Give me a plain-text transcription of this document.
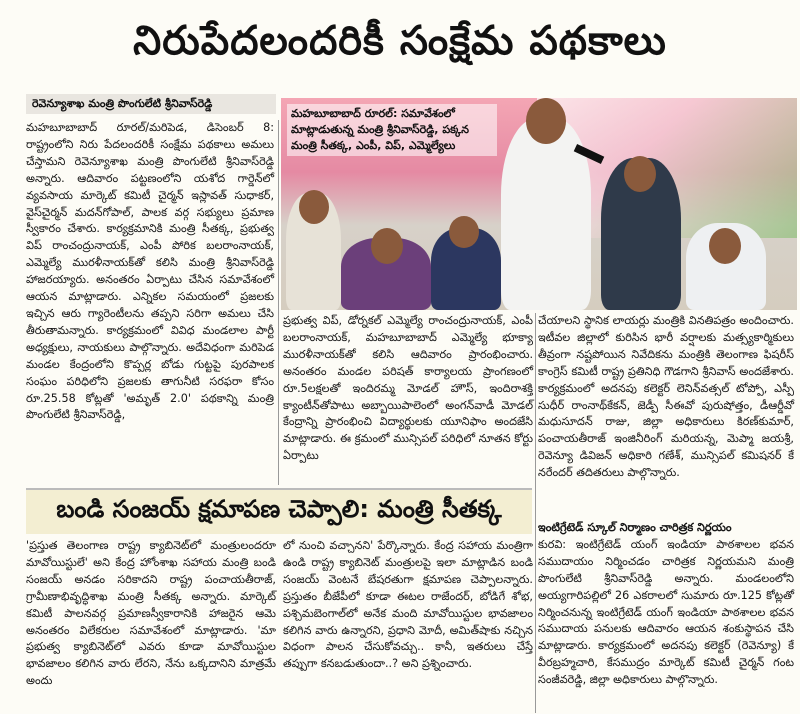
నిరుపేదలందరికీ సంక్షేమ పథకాలు
రెవెన్యూశాఖ మంత్రి పొంగులేటి శ్రీనివాస్‌రెడ్డి
మహబూబాబాద్ రూరల్: సమావేశంలో మాట్లాడుతున్న మంత్రి శ్రీనివాస్‌రెడ్డి, పక్కన మంత్రి సీతక్క, ఎంపీ, విప్, ఎమ్మెల్యేలు
మహబూబాబాద్ రూరల్/మరిపెడ, డిసెంబర్ 8: రాష్ట్రంలోని నిరు పేదలందరికీ సంక్షేమ పథకాలు అమలు చేస్తామని రెవెన్యూశాఖ మంత్రి పొంగులేటి శ్రీనివాస్‌రెడ్డి అన్నారు. ఆదివారం పట్టణంలోని యశోద గార్డెన్‌లో వ్యవసాయ మార్కెట్ కమిటీ చైర్మన్ ఇస్లావత్ సుధాకర్, వైస్‌చైర్మన్ మదన్‌గోపాల్, పాలక వర్గ సభ్యులు ప్రమాణ స్వీకారం చేశారు. కార్యక్రమానికి మంత్రి సీతక్క, ప్రభుత్వ విప్ రాంచంద్రునాయక్, ఎంపీ పోరిక బలరాంనాయక్, ఎమ్మెల్యే మురళీనాయక్‌తో కలిసి మంత్రి శ్రీనివాస్‌రెడ్డి హాజరయ్యారు. అనంతరం ఏర్పాటు చేసిన సమావేశంలో ఆయన మాట్లాడారు. ఎన్నికల సమయంలో ప్రజలకు ఇచ్చిన ఆరు గ్యారెంటీలను తప్పని సరిగా అమలు చేసి తీరుతామన్నారు. కార్యక్రమంలో వివిధ మండలాల పార్టీ అధ్యక్షులు, నాయకులు పాల్గొన్నారు. అదేవిధంగా మరిపెడ మండల కేంద్రంలోని కొప్పర్ల బోడు గుట్టపై పురపాలక సంఘం పరిధిలోని ప్రజలకు తాగునీటి సరఫరా కోసం రూ.25.58 కోట్లతో 'అమృత్ 2.0' పథకాన్ని మంత్రి పొంగులేటి శ్రీనివాస్‌రెడ్డి,
ప్రభుత్వ విప్, డోర్నకల్ ఎమ్మెల్యే రాంచంద్రునాయక్, ఎంపీ బలరాంనాయక్, మహబూబాబాద్ ఎమ్మెల్యే భూక్యా మురళీనాయక్‌తో కలిసి ఆదివారం ప్రారంభించారు. అనంతరం మండల పరిషత్ కార్యాలయ ప్రాంగణంలో రూ.5లక్షలతో ఇందిరమ్మ మోడల్ హౌస్, ఇందిరాశక్తి క్యాంటీన్‌తోపాటు అబ్బాయిపాలెంలో అంగన్‌వాడీ మోడల్ కేంద్రాన్ని ప్రారంభించి విద్యార్థులకు యూనిఫాం అందజేసి మాట్లాడారు. ఈ క్రమంలో మున్సిపల్ పరిధిలో నూతన కోర్టు ఏర్పాటు
చేయాలని స్థానిక లాయర్లు మంత్రికి వినతిపత్రం అందించారు. ఇటీవల జిల్లాలో కురిసిన భారీ వర్షాలకు మత్స్యకార్మికులు తీవ్రంగా నష్టపోయిన నివేదికను మంత్రికి తెలంగాణ ఫిషరీస్ కాంగ్రెస్ కమిటీ రాష్ట్ర ప్రతినిధి గౌడగాని శ్రీనివాస్ అందజేశారు. కార్యక్రమంలో అదనపు కలెక్టర్ లెనిన్‌వత్సల్ టోప్పో, ఎస్పీ సుధీర్ రాంనాథ్‌కేకన్, జెడ్పీ సీఈవో పురుషోత్తం, డీఆర్డీవో మధుసూదన్ రాజు, జిల్లా అధికారులు కిరణ్‌కుమార్, పంచాయతీరాజ్ ఇంజినీరింగ్ మరియన్న, మెప్మా జయశ్రీ, రెవెన్యూ డివిజన్ అధికారి గణేశ్, మున్సిపల్ కమిషనర్ కే నరేందర్ తదితరులు పాల్గొన్నారు.
బండి సంజయ్ క్షమాపణ చెప్పాలి: మంత్రి సీతక్క
'ప్రస్తుత తెలంగాణ రాష్ట్ర క్యాబినెట్‌లో మంత్రులందరూ మావోయిస్టులే' అని కేంద్ర హోంశాఖ సహాయ మంత్రి బండి సంజయ్ అనడం సరికాదని రాష్ట్ర పంచాయతీరాజ్, గ్రామీణాభివృద్ధిశాఖ మంత్రి సీతక్క అన్నారు. మార్కెట్ కమిటీ పాలనవర్గ ప్రమాణస్వీకారానికి హాజరైన ఆమె అనంతరం విలేకరుల సమావేశంలో మాట్లాడారు. 'మా ప్రభుత్వ క్యాబినెట్‌లో ఎవరు కూడా మావోయిస్టుల భావజాలం కలిగిన వారు లేరని, నేను ఒక్కదానిని మాత్రమే అందు
లో నుంచి వచ్చానని' పేర్కొన్నారు. కేంద్ర సహాయ మంత్రిగా ఉండి రాష్ట్ర క్యాబినెట్ మంత్రులపై ఇలా మాట్లాడిన బండి సంజయ్ వెంటనే బేషరతుగా క్షమాపణ చెప్పాలన్నారు. ప్రస్తుతం బీజేపీలో కూడా ఈటల రాజేందర్, బోడిగే శోభ, పశ్చిమబెంగాల్‌లో అనేక మంది మావోయిస్టుల భావజాలం కలిగిన వారు ఉన్నారని, ప్రధాని మోదీ, అమిత్‌షాకు నచ్చిన విధంగా పాలన చేసుకోవచ్చు.. కానీ, ఇతరులు చేస్తే తప్పుగా కనబడుతుందా..? అని ప్రశ్నించారు.
ఇంటిగ్రేటెడ్ స్కూల్ నిర్మాణం చారిత్రక నిర్ణయం
కురవి: ఇంటిగ్రేటెడ్ యంగ్ ఇండియా పాఠశాలల భవన సముదాయం నిర్మించడం చారిత్రక నిర్ణయమని మంత్రి పొంగులేటి శ్రీనివాస్‌రెడ్డి అన్నారు. మండలంలోని అయ్యగారిపల్లిలో 26 ఎకరాలలో సుమారు రూ.125 కోట్లతో నిర్మించనున్న ఇంటిగ్రేటెడ్ యంగ్ ఇండియా పాఠశాలల భవన సముదాయ పనులకు ఆదివారం ఆయన శంకుస్థాపన చేసి మాట్లాడారు. కార్యక్రమంలో అదనపు కలెక్టర్ (రెవెన్యూ) కే వీరబ్రహ్మచారి, కేసముద్రం మార్కెట్ కమిటీ చైర్మన్ గంట సంజీవరెడ్డి, జిల్లా అధికారులు పాల్గొన్నారు.
